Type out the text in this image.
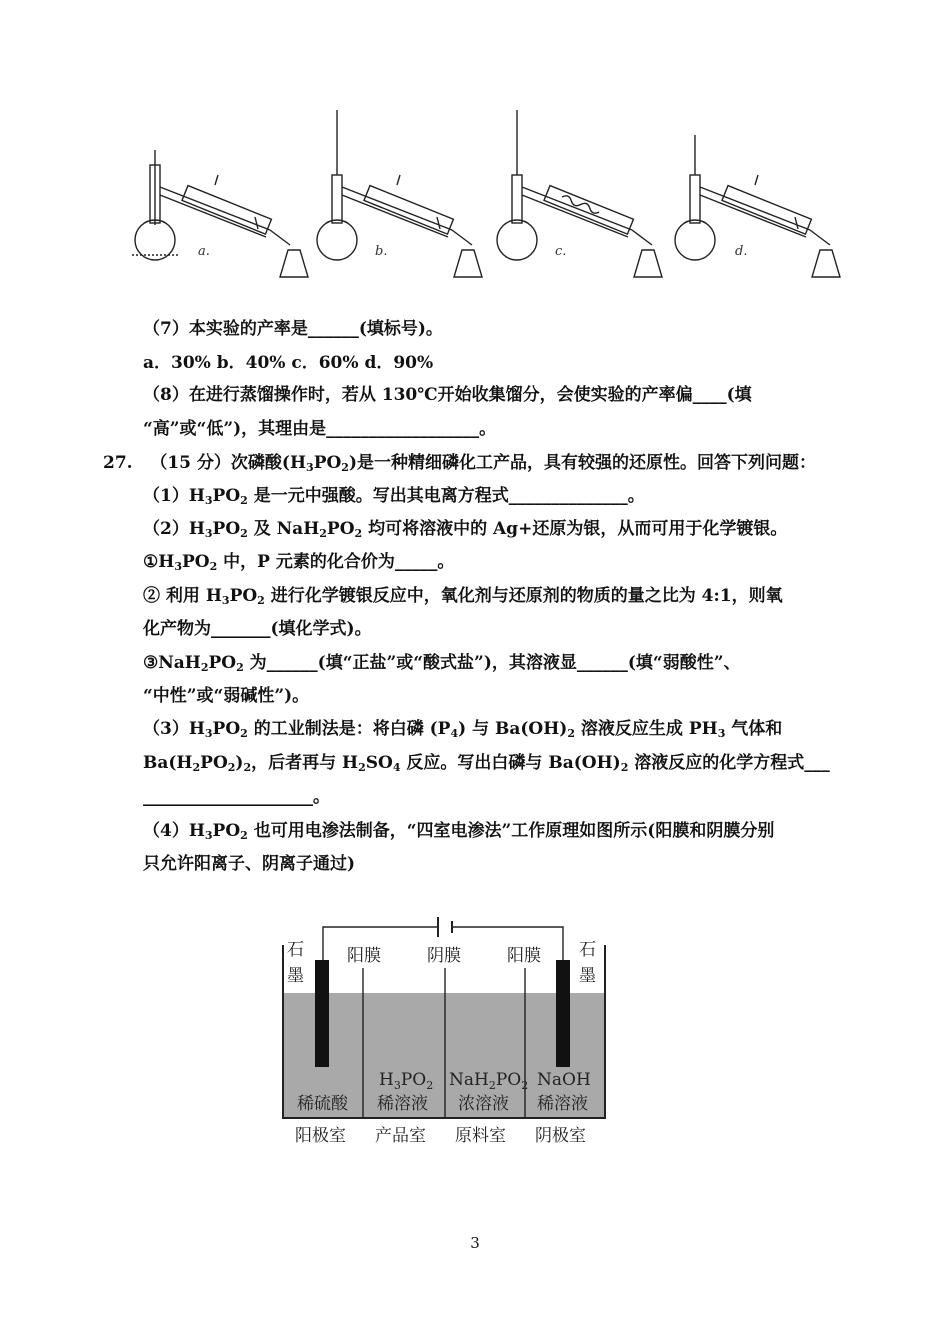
a.	b.	c.	d.
（7）本实验的产率是______(填标号)。
a．30% b．40% c．60% d．90%
（8）在进行蒸馏操作时，若从 130℃开始收集馏分，会使实验的产率偏____(填
“高”或“低”)，其理由是__________________。
27. （15 分）次磷酸$(H_3PO_2)$是一种精细磷化工产品，具有较强的还原性。回答下列问题：
$(1)H_3PO_2$ 是一元中强酸。写出其电离方程式______________。
$(2)H_3PO_2$ 及 $NaH_2PO_2$ 均可将溶液中的 Ag+还原为银，从而可用于化学镀银。
$①H_3PO_2$ 中，P 元素的化合价为_____。
② 利用 $H_3PO_2$ 进行化学镀银反应中，氧化剂与还原剂的物质的量之比为 4:1，则氧
化产物为_______(填化学式)。
$③NaH_2PO_2$ 为______(填“正盐”或“酸式盐”)，其溶液显______(填“弱酸性”、
“中性”或“弱碱性”)。
$(3)H_3PO_2$ 的工业制法是：将白磷 $(P_4)$ 与 $Ba(OH)_2$ 溶液反应生成 $PH_3$ 气体和
$Ba(H_2PO_2)_2$，后者再与 $H_2SO_4$ 反应。写出白磷与 $Ba(OH)_2$ 溶液反应的化学方程式___
____________________。
$(4)H_3PO_2$ 也可用电渗法制备，“四室电渗法”工作原理如图所示(阳膜和阴膜分别
只允许阳离子、阴离子通过)
石
墨
石
墨
阳膜	阴膜	阳膜
稀硫酸
$H_3PO_2$
稀溶液
$NaH_2PO_2$
浓溶液
NaOH
稀溶液
阳极室 产品室 原料室 阴极室
3
